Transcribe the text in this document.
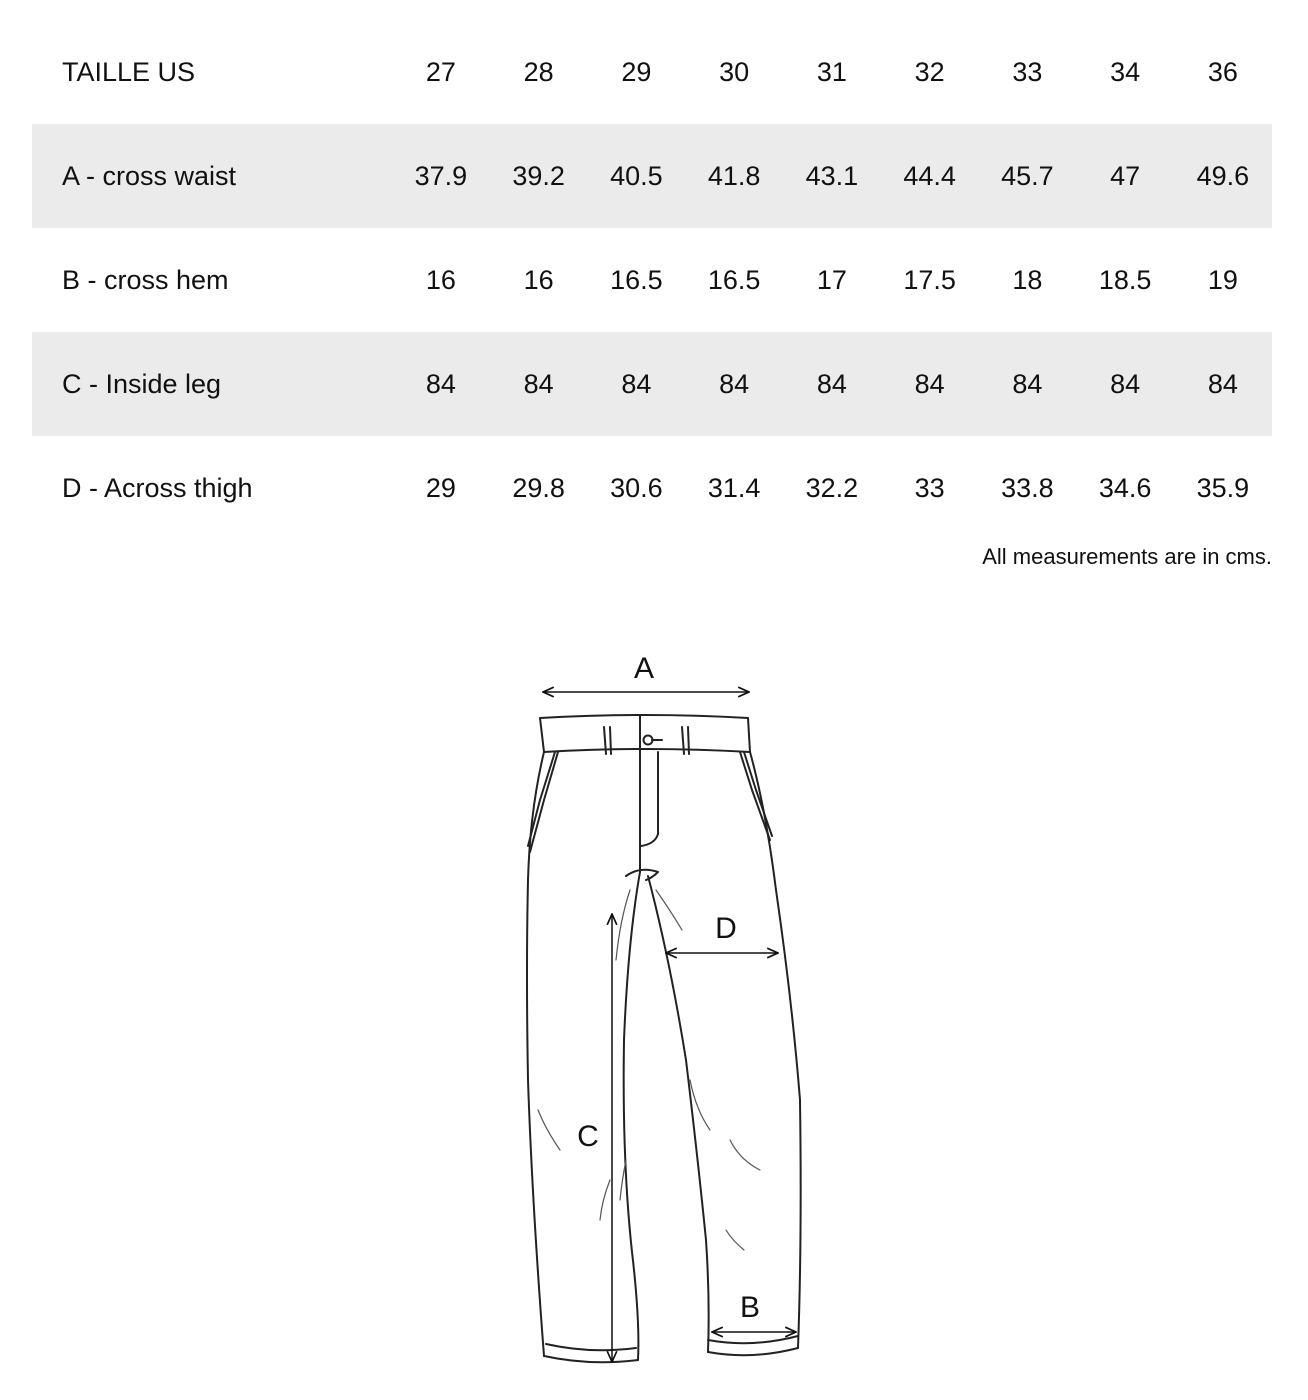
TAILLE US	27	28	29	30	31	32	33	34	36
A - cross waist	37.9	39.2	40.5	41.8	43.1	44.4	45.7	47	49.6
B - cross hem	16	16	16.5	16.5	17	17.5	18	18.5	19
C - Inside leg	84	84	84	84	84	84	84	84	84
D - Across thigh	29	29.8	30.6	31.4	32.2	33	33.8	34.6	35.9
All measurements are in cms.
A
D
C
B
